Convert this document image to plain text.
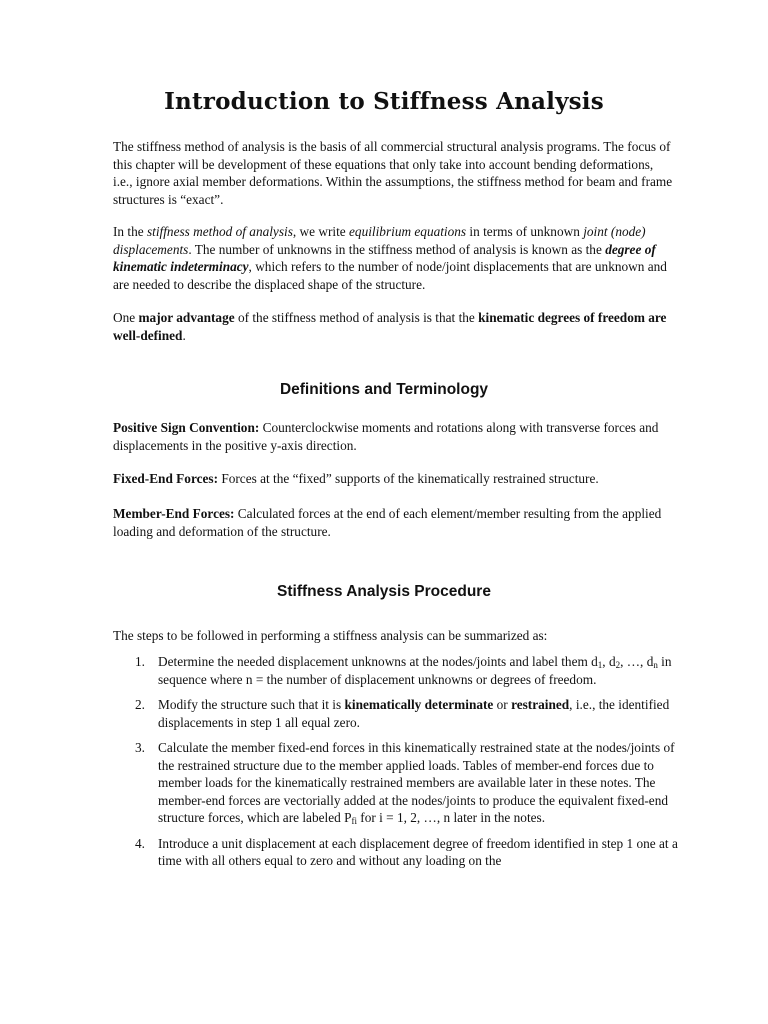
Introduction to Stiffness Analysis

The stiffness method of analysis is the basis of all commercial structural analysis programs. The focus of this chapter will be development of these equations that only take into account bending deformations, i.e., ignore axial member deformations. Within the assumptions, the stiffness method for beam and frame structures is “exact”.

In the stiffness method of analysis, we write equilibrium equations in terms of unknown joint (node) displacements. The number of unknowns in the stiffness method of analysis is known as the degree of kinematic indeterminacy, which refers to the number of node/joint displacements that are unknown and are needed to describe the displaced shape of the structure.

One major advantage of the stiffness method of analysis is that the kinematic degrees of freedom are well-defined.

Definitions and Terminology

Positive Sign Convention: Counterclockwise moments and rotations along with transverse forces and displacements in the positive y-axis direction.

Fixed-End Forces: Forces at the “fixed” supports of the kinematically restrained structure.

Member-End Forces: Calculated forces at the end of each element/member resulting from the applied loading and deformation of the structure.

Stiffness Analysis Procedure

The steps to be followed in performing a stiffness analysis can be summarized as:

1. Determine the needed displacement unknowns at the nodes/joints and label them $d_1$, $d_2$, …, $d_n$ in sequence where n = the number of displacement unknowns or degrees of freedom.
2. Modify the structure such that it is kinematically determinate or restrained, i.e., the identified displacements in step 1 all equal zero.
3. Calculate the member fixed-end forces in this kinematically restrained state at the nodes/joints of the restrained structure due to the member applied loads. Tables of member-end forces due to member loads for the kinematically restrained members are available later in these notes. The member-end forces are vectorially added at the nodes/joints to produce the equivalent fixed-end structure forces, which are labeled $P_{fi}$ for i = 1, 2, …, n later in the notes.
4. Introduce a unit displacement at each displacement degree of freedom identified in step 1 one at a time with all others equal to zero and without any loading on the
